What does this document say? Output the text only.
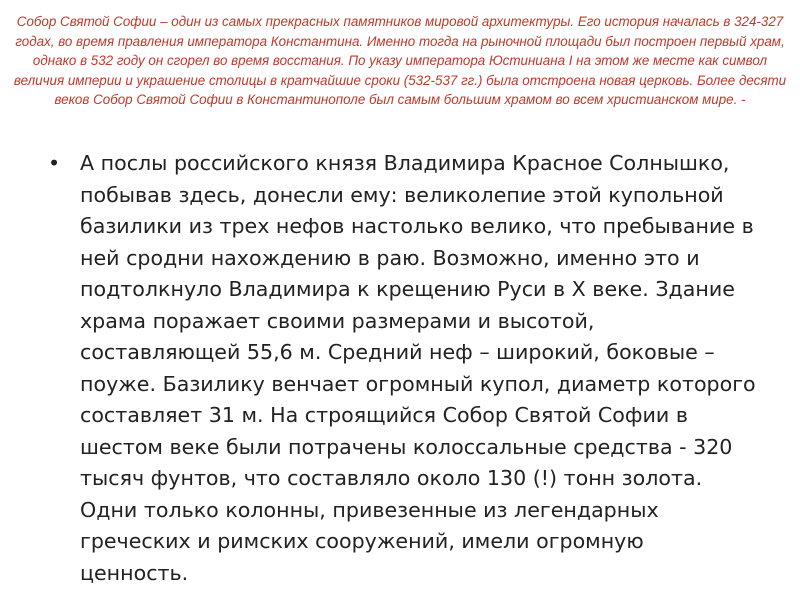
Собор Святой Софии – один из самых прекрасных памятников мировой архитектуры. Его история началась в 324-327 годах, во время правления императора Константина. Именно тогда на рыночной площади был построен первый храм, однако в 532 году он сгорел во время восстания. По указу императора Юстиниана I на этом же месте как символ величия империи и украшение столицы в кратчайшие сроки (532-537 гг.) была отстроена новая церковь. Более десяти веков Собор Святой Софии в Константинополе был самым большим храмом во всем христианском мире. -
• А послы российского князя Владимира Красное Солнышко, побывав здесь, донесли ему: великолепие этой купольной базилики из трех нефов настолько велико, что пребывание в ней сродни нахождению в раю. Возможно, именно это и подтолкнуло Владимира к крещению Руси в X веке. Здание храма поражает своими размерами и высотой, составляющей 55,6 м. Средний неф – широкий, боковые – поуже. Базилику венчает огромный купол, диаметр которого составляет 31 м. На строящийся Собор Святой Софии в шестом веке были потрачены колоссальные средства - 320 тысяч фунтов, что составляло около 130 (!) тонн золота. Одни только колонны, привезенные из легендарных греческих и римских сооружений, имели огромную ценность.
